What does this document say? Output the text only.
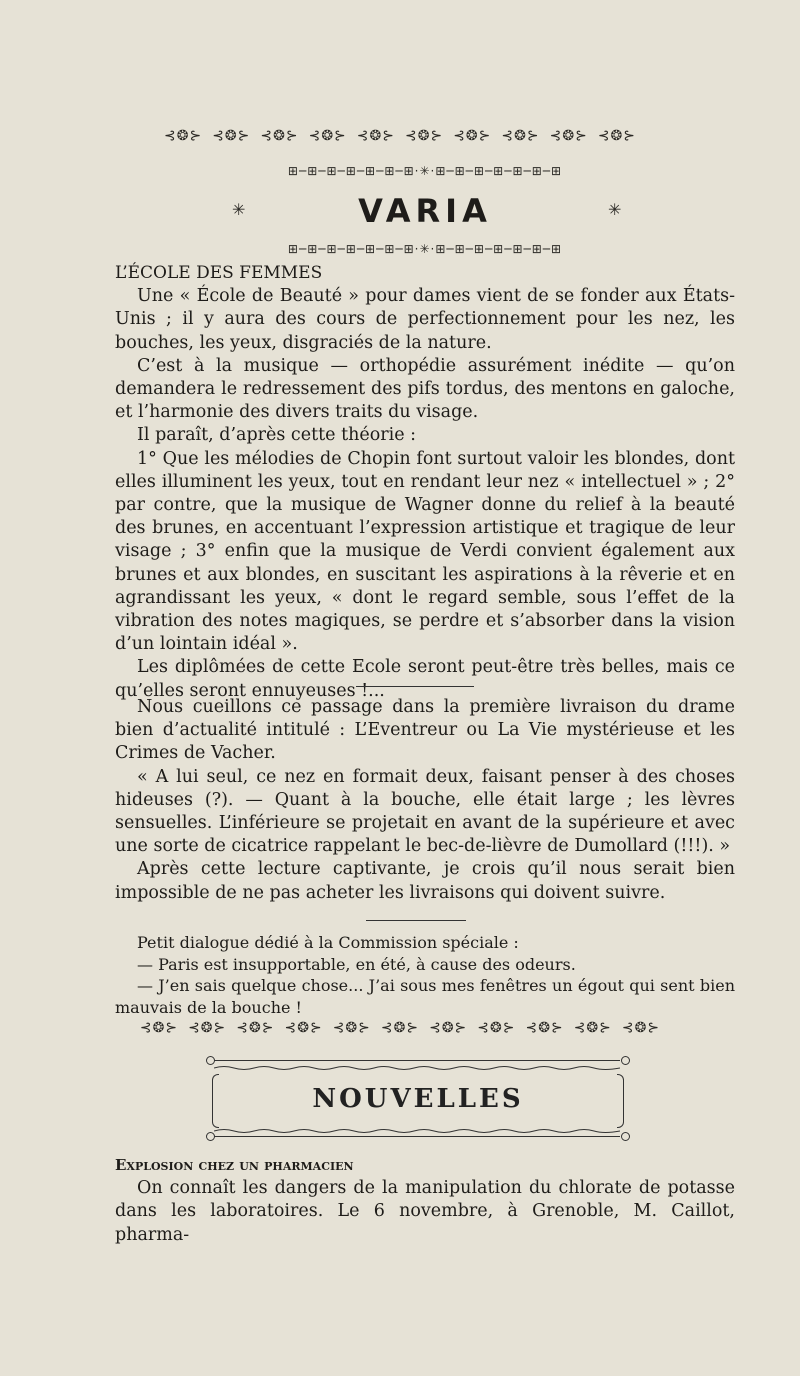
⊰❂⊱ ⊰❂⊱ ⊰❂⊱ ⊰❂⊱ ⊰❂⊱ ⊰❂⊱ ⊰❂⊱ ⊰❂⊱ ⊰❂⊱ ⊰❂⊱
⊞─⊞─⊞─⊞─⊞─⊞─⊞·✳·⊞─⊞─⊞─⊞─⊞─⊞─⊞
✳	✳
VARIA
⊞─⊞─⊞─⊞─⊞─⊞─⊞·✳·⊞─⊞─⊞─⊞─⊞─⊞─⊞

L’ÉCOLE DES FEMMES

Une « École de Beauté » pour dames vient de se fonder aux États-Unis ; il y aura des cours de perfectionnement pour les nez, les bouches, les yeux, disgraciés de la nature.

C’est à la musique — orthopédie assurément inédite — qu’on demandera le redressement des pifs tordus, des mentons en galoche, et l’harmonie des divers traits du visage.

Il paraît, d’après cette théorie :

1° Que les mélodies de Chopin font surtout valoir les blondes, dont elles illuminent les yeux, tout en rendant leur nez « intellectuel » ; 2° par contre, que la musique de Wagner donne du relief à la beauté des brunes, en accentuant l’expression artistique et tragique de leur visage ; 3° enfin que la musique de Verdi convient également aux brunes et aux blondes, en suscitant les aspirations à la rêverie et en agrandissant les yeux, « dont le regard semble, sous l’effet de la vibration des notes magiques, se perdre et s’absorber dans la vision d’un lointain idéal ».

Les diplômées de cette Ecole seront peut-être très belles, mais ce qu’elles seront ennuyeuses !...

Nous cueillons ce passage dans la première livraison du drame bien d’actualité intitulé : L’Eventreur ou La Vie mystérieuse et les Crimes de Vacher.

« A lui seul, ce nez en formait deux, faisant penser à des choses hideuses (?). — Quant à la bouche, elle était large ; les lèvres sensuelles. L’inférieure se projetait en avant de la supérieure et avec une sorte de cicatrice rappelant le bec-de-lièvre de Dumollard (!!!). »

Après cette lecture captivante, je crois qu’il nous serait bien impossible de ne pas acheter les livraisons qui doivent suivre.

Petit dialogue dédié à la Commission spéciale :

— Paris est insupportable, en été, à cause des odeurs.

— J’en sais quelque chose... J’ai sous mes fenêtres un égout qui sent bien mauvais de la bouche !

⊰❂⊱ ⊰❂⊱ ⊰❂⊱ ⊰❂⊱ ⊰❂⊱ ⊰❂⊱ ⊰❂⊱ ⊰❂⊱ ⊰❂⊱ ⊰❂⊱ ⊰❂⊱
NOUVELLES

Explosion chez un pharmacien

On connaît les dangers de la manipulation du chlorate de potasse dans les laboratoires. Le 6 novembre, à Grenoble, M. Caillot, pharma-
